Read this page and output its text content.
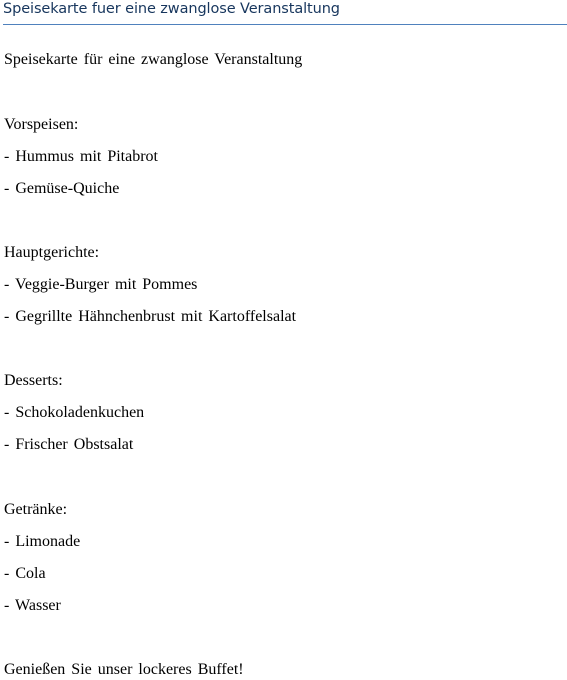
Speisekarte fuer eine zwanglose Veranstaltung
Speisekarte für eine zwanglose Veranstaltung
Vorspeisen:
- Hummus mit Pitabrot
- Gemüse-Quiche
Hauptgerichte:
- Veggie-Burger mit Pommes
- Gegrillte Hähnchenbrust mit Kartoffelsalat
Desserts:
- Schokoladenkuchen
- Frischer Obstsalat
Getränke:
- Limonade
- Cola
- Wasser
Genießen Sie unser lockeres Buffet!
